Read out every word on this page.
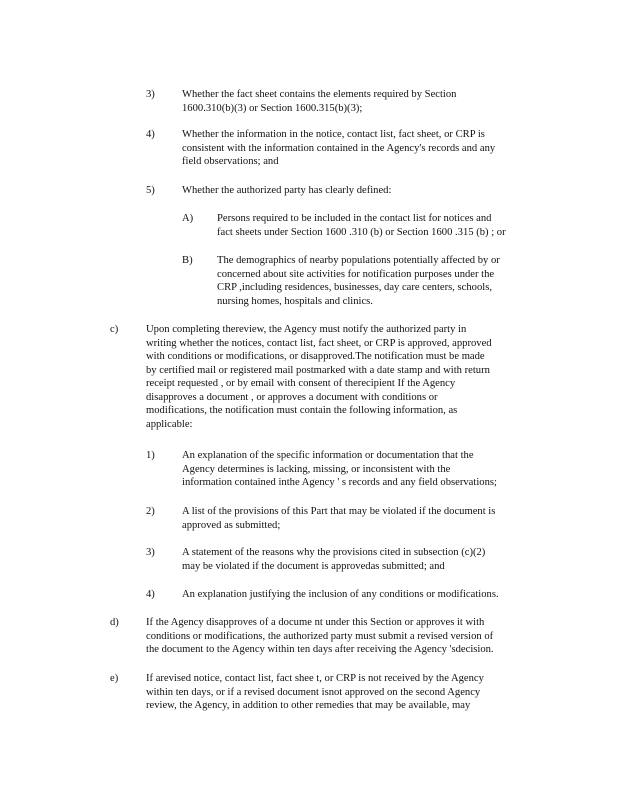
3)	Whether the fact sheet contains the elements required by Section
1600.310(b)(3) or Section 1600.315(b)(3);
4)	Whether the information in the notice, contact list, fact sheet, or CRP is
consistent with the information contained in the Agency's records and any
field observations; and
5)	Whether the authorized party has clearly defined:
A) Persons required to be included in the contact list for notices and
fact sheets under Section 1600 .310 (b) or Section 1600 .315 (b) ; or
B) The demographics of nearby populations potentially affected by or
concerned about site activities for notification purposes under the
CRP ,including residences, businesses, day care centers, schools,
nursing homes, hospitals and clinics.
c)	Upon completing thereview, the Agency must notify the authorized party in
writing whether the notices, contact list, fact sheet, or CRP is approved, approved
with conditions or modifications, or disapproved.The notification must be made
by certified mail or registered mail postmarked with a date stamp and with return
receipt requested , or by email with consent of therecipient If the Agency
disapproves a document , or approves a document with conditions or
modifications, the notification must contain the following information, as
applicable:
1)	An explanation of the specific information or documentation that the
Agency determines is lacking, missing, or inconsistent with the
information contained inthe Agency ' s records and any field observations;
2)	A list of the provisions of this Part that may be violated if the document is
approved as submitted;
3)	A statement of the reasons why the provisions cited in subsection (c)(2)
may be violated if the document is approvedas submitted; and
4)	An explanation justifying the inclusion of any conditions or modifications.
d)	If the Agency disapproves of a docume nt under this Section or approves it with
conditions or modifications, the authorized party must submit a revised version of
the document to the Agency within ten days after receiving the Agency 'sdecision.
e)	If arevised notice, contact list, fact shee t, or CRP is not received by the Agency
within ten days, or if a revised document isnot approved on the second Agency
review, the Agency, in addition to other remedies that may be available, may
